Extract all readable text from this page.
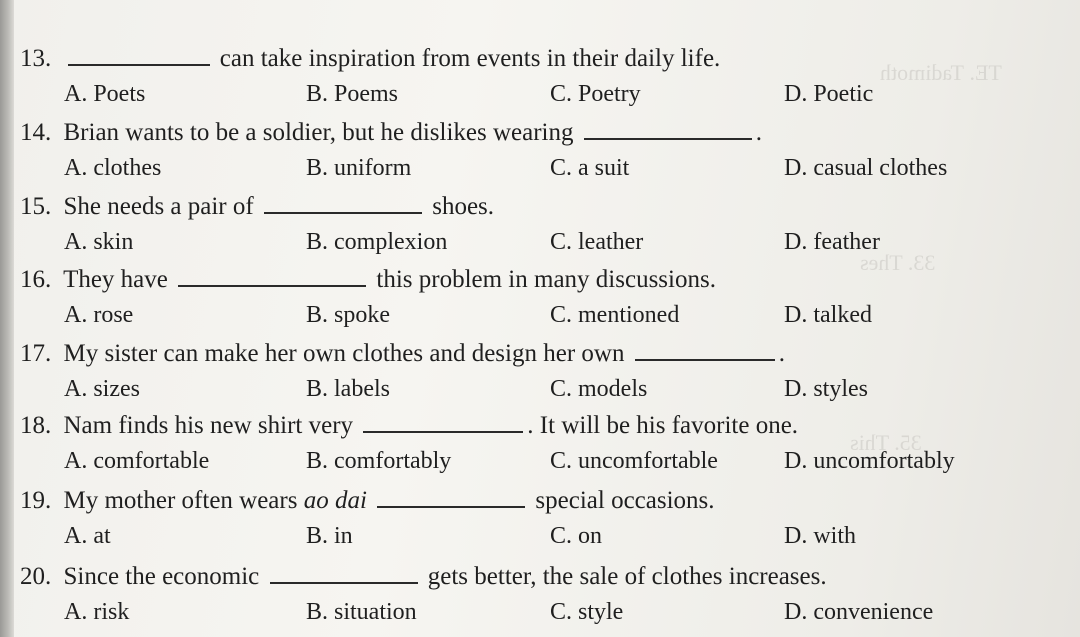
ТЕ. Tadimoth
33. Thes
35. This
13.	can take inspiration from events in their daily life.
A. Poets	B. Poems	C. Poetry	D. Poetic
14. Brian wants to be a soldier, but he dislikes wearing	.
A. clothes	B. uniform	C. a suit	D. casual clothes
15. She needs a pair of	shoes.
A. skin	B. complexion	C. leather	D. feather
16. They have	this problem in many discussions.
A. rose	B. spoke	C. mentioned	D. talked
17. My sister can make her own clothes and design her own	.
A. sizes	B. labels	C. models	D. styles
18. Nam finds his new shirt very	. It will be his favorite one.
A. comfortable	B. comfortably	C. uncomfortable	D. uncomfortably
19. My mother often wears ao dai	special occasions.
A. at	B. in	C. on	D. with
20. Since the economic	gets better, the sale of clothes increases.
A. risk	B. situation	C. style	D. convenience
